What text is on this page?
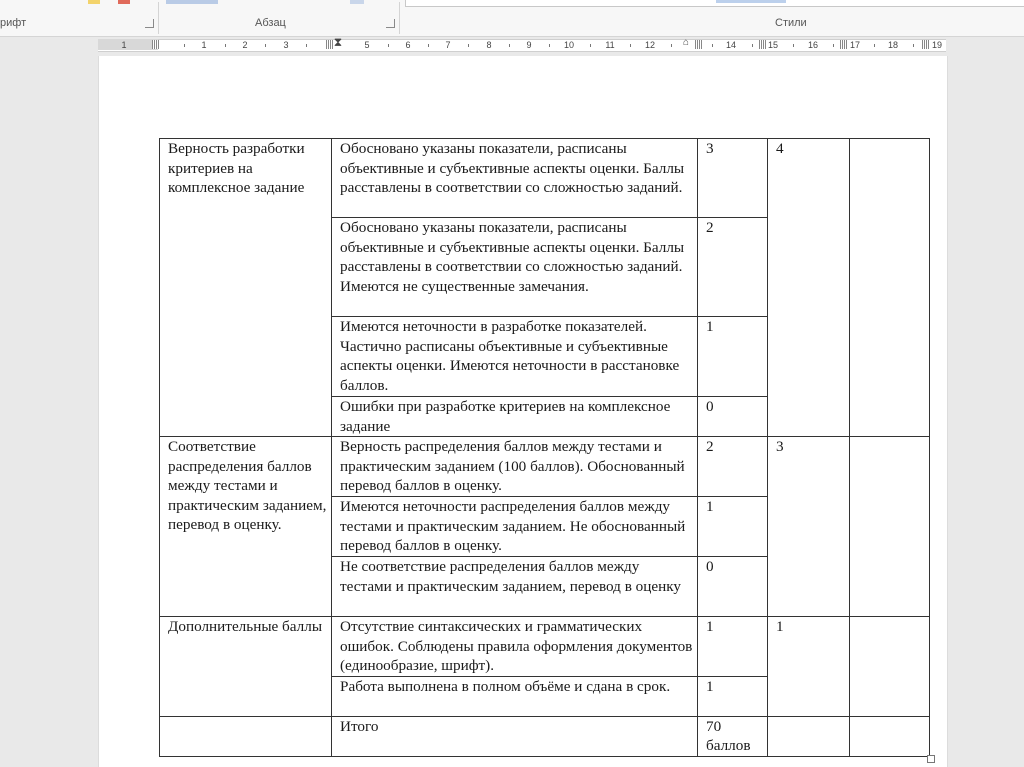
рифт	Абзац	Стили
1	1	2	3	⧗ 5	6	7	8	9	10	11	12	⌂	14	15	16	17	18	19
Верность разработки критериев на комплексное задание	Обосновано указаны показатели, расписаны объективные и субъективные аспекты оценки. Баллы расставлены в соответствии со сложностью заданий.	3	4	
	Обосновано указаны показатели, расписаны объективные и субъективные аспекты оценки. Баллы расставлены в соответствии со сложностью заданий. Имеются не существенные замечания.	2		
	Имеются неточности в разработке показателей. Частично расписаны объективные и субъективные аспекты оценки. Имеются неточности в расстановке баллов.	1		
	Ошибки при разработке критериев на комплексное задание	0		
Соответствие распределения баллов между тестами и практическим заданием, перевод в оценку.	Верность распределения баллов между тестами и практическим заданием (100 баллов). Обоснованный перевод баллов в оценку.	2	3	
	Имеются неточности распределения баллов между тестами и практическим заданием. Не обоснованный перевод баллов в оценку.	1		
	Не соответствие распределения баллов между тестами и практическим заданием, перевод в оценку	0		
Дополнительные баллы	Отсутствие синтаксических и грамматических ошибок. Соблюдены правила оформления документов (единообразие, шрифт).	1	1	
	Работа выполнена в полном объёме и сдана в срок.	1		
	Итого	70 баллов		
